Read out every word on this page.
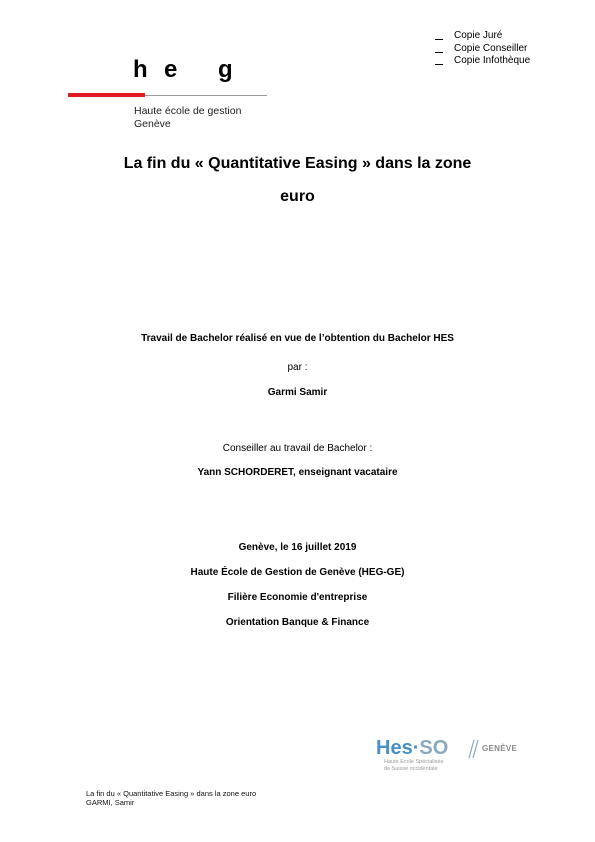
Copie Juré
Copie Conseiller
Copie Infothèque
h e g
Haute école de gestion
Genève
La fin du « Quantitative Easing » dans la zone
euro
Travail de Bachelor réalisé en vue de l’obtention du Bachelor HES
par :
Garmi Samir
Conseiller au travail de Bachelor :
Yann SCHORDERET, enseignant vacataire
Genève, le 16 juillet 2019
Haute École de Gestion de Genève (HEG-GE)
Filière Economie d'entreprise
Orientation Banque & Finance
Hes·SO	GENÈVE
Haute Ecole Spécialisée
de Suisse occidentale
La fin du « Quantitative Easing » dans la zone euro
GARMI, Samir
